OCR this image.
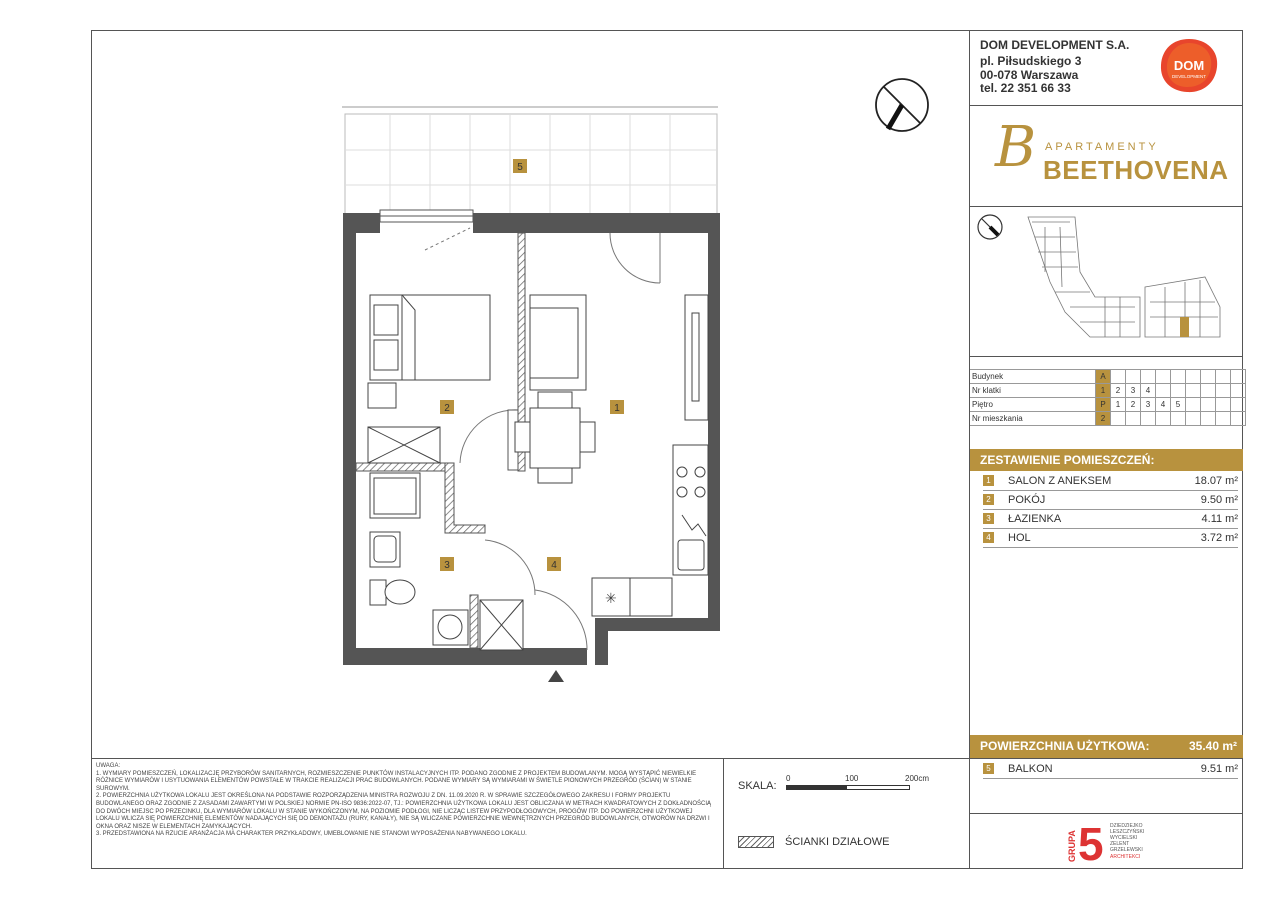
DOM DEVELOPMENT S.A.
pl. Piłsudskiego 3
00-078 Warszawa
tel. 22 351 66 33
DOM
DEVELOPMENT
B APARTAMENTY
BEETHOVENA
Budynek	A									
Nr klatki	1	2	3	4						
Piętro	P	1	2	3	4	5				
Nr mieszkania	2									
ZESTAWIENIE POMIESZCZEŃ:
1 SALON Z ANEKSEM	18.07 m²
2 POKÓJ	9.50 m²
3 ŁAZIENKA	4.11 m²
4 HOL	3.72 m²
POWIERZCHNIA UŻYTKOWA:	35.40 m²
5 BALKON	9.51 m²
GRUPA 5 DZIEDZIEJKO
LESZCZYŃSKI
WYCIELSKI
ZELENT
GRZELEWSKI
ARCHITEKCI
UWAGA:
1. WYMIARY POMIESZCZEŃ, LOKALIZACJĘ PRZYBORÓW SANITARNYCH, ROZMIESZCZENIE PUNKTÓW INSTALACYJNYCH ITP. PODANO ZGODNIE Z PROJEKTEM BUDOWLANYM. MOGĄ WYSTĄPIĆ NIEWIELKIE RÓŻNICE WYMIARÓW I USYTUOWANIA ELEMENTÓW POWSTAŁE W TRAKCIE REALIZACJI PRAC BUDOWLANYCH. PODANE WYMIARY SĄ WYMIARAMI W ŚWIETLE PIONOWYCH PRZEGRÓD (ŚCIAN) W STANIE SUROWYM.
2. POWIERZCHNIA UŻYTKOWA LOKALU JEST OKREŚLONA NA PODSTAWIE ROZPORZĄDZENIA MINISTRA ROZWOJU Z DN. 11.09.2020 R. W SPRAWIE SZCZEGÓŁOWEGO ZAKRESU I FORMY PROJEKTU BUDOWLANEGO ORAZ ZGODNIE Z ZASADAMI ZAWARTYMI W POLSKIEJ NORMIE PN-ISO 9836:2022-07, TJ.: POWIERZCHNIA UŻYTKOWA LOKALU JEST OBLICZANA W METRACH KWADRATOWYCH Z DOKŁADNOŚCIĄ DO DWÓCH MIEJSC PO PRZECINKU, DLA WYMIARÓW LOKALU W STANIE WYKOŃCZONYM, NA POZIOMIE PODŁOGI, NIE LICZĄC LISTEW PRZYPODŁOGOWYCH, PROGÓW ITP. DO POWIERZCHNI UŻYTKOWEJ LOKALU WLICZA SIĘ POWIERZCHNIĘ ELEMENTÓW NADAJĄCYCH SIĘ DO DEMONTAŻU (RURY, KANAŁY), NIE SĄ WLICZANE POWIERZCHNIE WEWNĘTRZNYCH PRZEGRÓD BUDOWLANYCH, OTWORÓW NA DRZWI I OKNA ORAZ NISZE W ELEMENTACH ZAMYKAJĄCYCH.
3. PRZEDSTAWIONA NA RZUCIE ARANŻACJA MA CHARAKTER PRZYKŁADOWY, UMEBLOWANIE NIE STANOWI WYPOSAŻENIA NABYWANEGO LOKALU.
SKALA:
0	100	200cm
ŚCIANKI DZIAŁOWE
✳
1
2
3	4
5
